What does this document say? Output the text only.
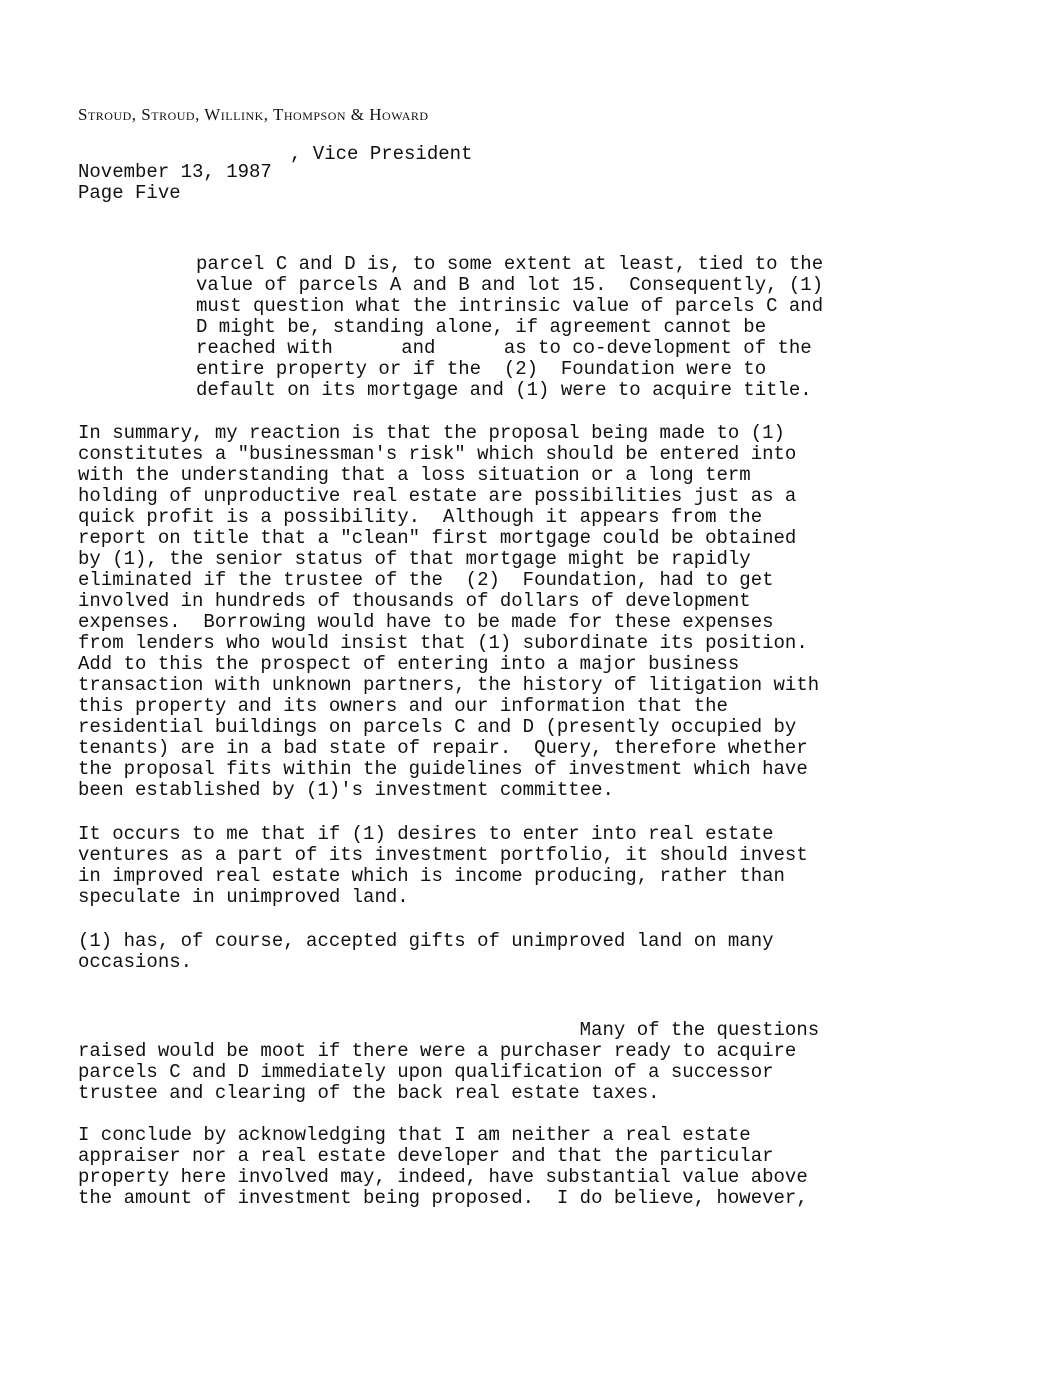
Stroud, Stroud, Willink, Thompson & Howard
, Vice President
November 13, 1987
Page Five
parcel C and D is, to some extent at least, tied to the
value of parcels A and B and lot 15.  Consequently, (1)
must question what the intrinsic value of parcels C and
D might be, standing alone, if agreement cannot be
reached with      and      as to co-development of the
entire property or if the  (2)  Foundation were to
default on its mortgage and (1) were to acquire title.
In summary, my reaction is that the proposal being made to (1)
constitutes a "businessman's risk" which should be entered into
with the understanding that a loss situation or a long term
holding of unproductive real estate are possibilities just as a
quick profit is a possibility.  Although it appears from the
report on title that a "clean" first mortgage could be obtained
by (1), the senior status of that mortgage might be rapidly
eliminated if the trustee of the  (2)  Foundation, had to get
involved in hundreds of thousands of dollars of development
expenses.  Borrowing would have to be made for these expenses
from lenders who would insist that (1) subordinate its position.
Add to this the prospect of entering into a major business
transaction with unknown partners, the history of litigation with
this property and its owners and our information that the
residential buildings on parcels C and D (presently occupied by
tenants) are in a bad state of repair.  Query, therefore whether
the proposal fits within the guidelines of investment which have
been established by (1)'s investment committee.
It occurs to me that if (1) desires to enter into real estate
ventures as a part of its investment portfolio, it should invest
in improved real estate which is income producing, rather than
speculate in unimproved land.
(1) has, of course, accepted gifts of unimproved land on many
occasions.
Many of the questions
raised would be moot if there were a purchaser ready to acquire
parcels C and D immediately upon qualification of a successor
trustee and clearing of the back real estate taxes.
I conclude by acknowledging that I am neither a real estate
appraiser nor a real estate developer and that the particular
property here involved may, indeed, have substantial value above
the amount of investment being proposed.  I do believe, however,
